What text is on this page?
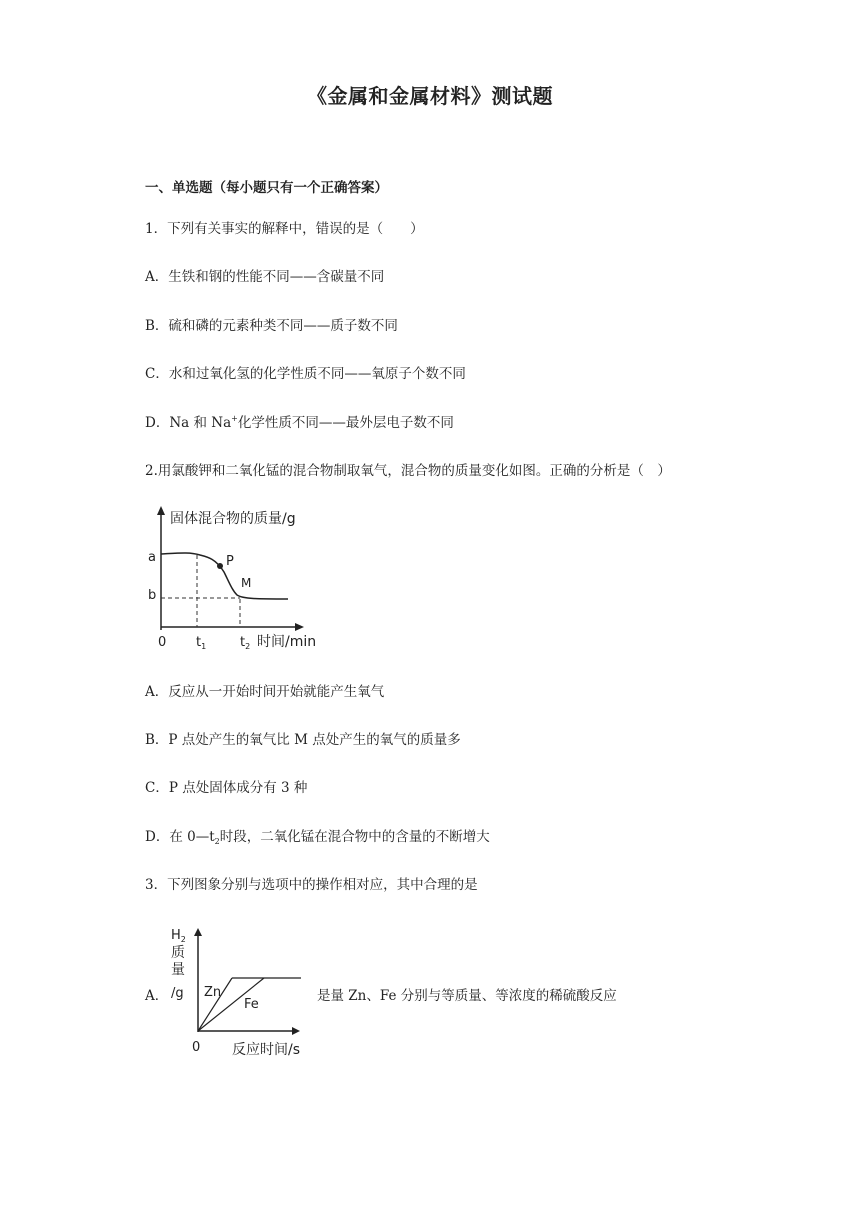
《金属和金属材料》测试题
一、单选题（每小题只有一个正确答案）
1．下列有关事实的解释中，错误的是（　　）
A．生铁和钢的性能不同——含碳量不同
B．硫和磷的元素种类不同——质子数不同
C．水和过氧化氢的化学性质不同——氧原子个数不同
D．Na 和 Na+化学性质不同——最外层电子数不同
2.用氯酸钾和二氧化锰的混合物制取氧气，混合物的质量变化如图。正确的分析是（　）
固体混合物的质量/g
a
b
P
M
0 $t_1$	$t_2$ 时间/min
A．反应从一开始时间开始就能产生氧气
B．P 点处产生的氧气比 M 点处产生的氧气的质量多
C．P 点处固体成分有 3 种
D．在 $0—t_2$时段，二氧化锰在混合物中的含量的不断增大
3．下列图象分别与选项中的操作相对应，其中合理的是
A．
$H_2$
质
量
/g Zn
Fe
0 反应时间/s
是量 Zn、Fe 分别与等质量、等浓度的稀硫酸反应
